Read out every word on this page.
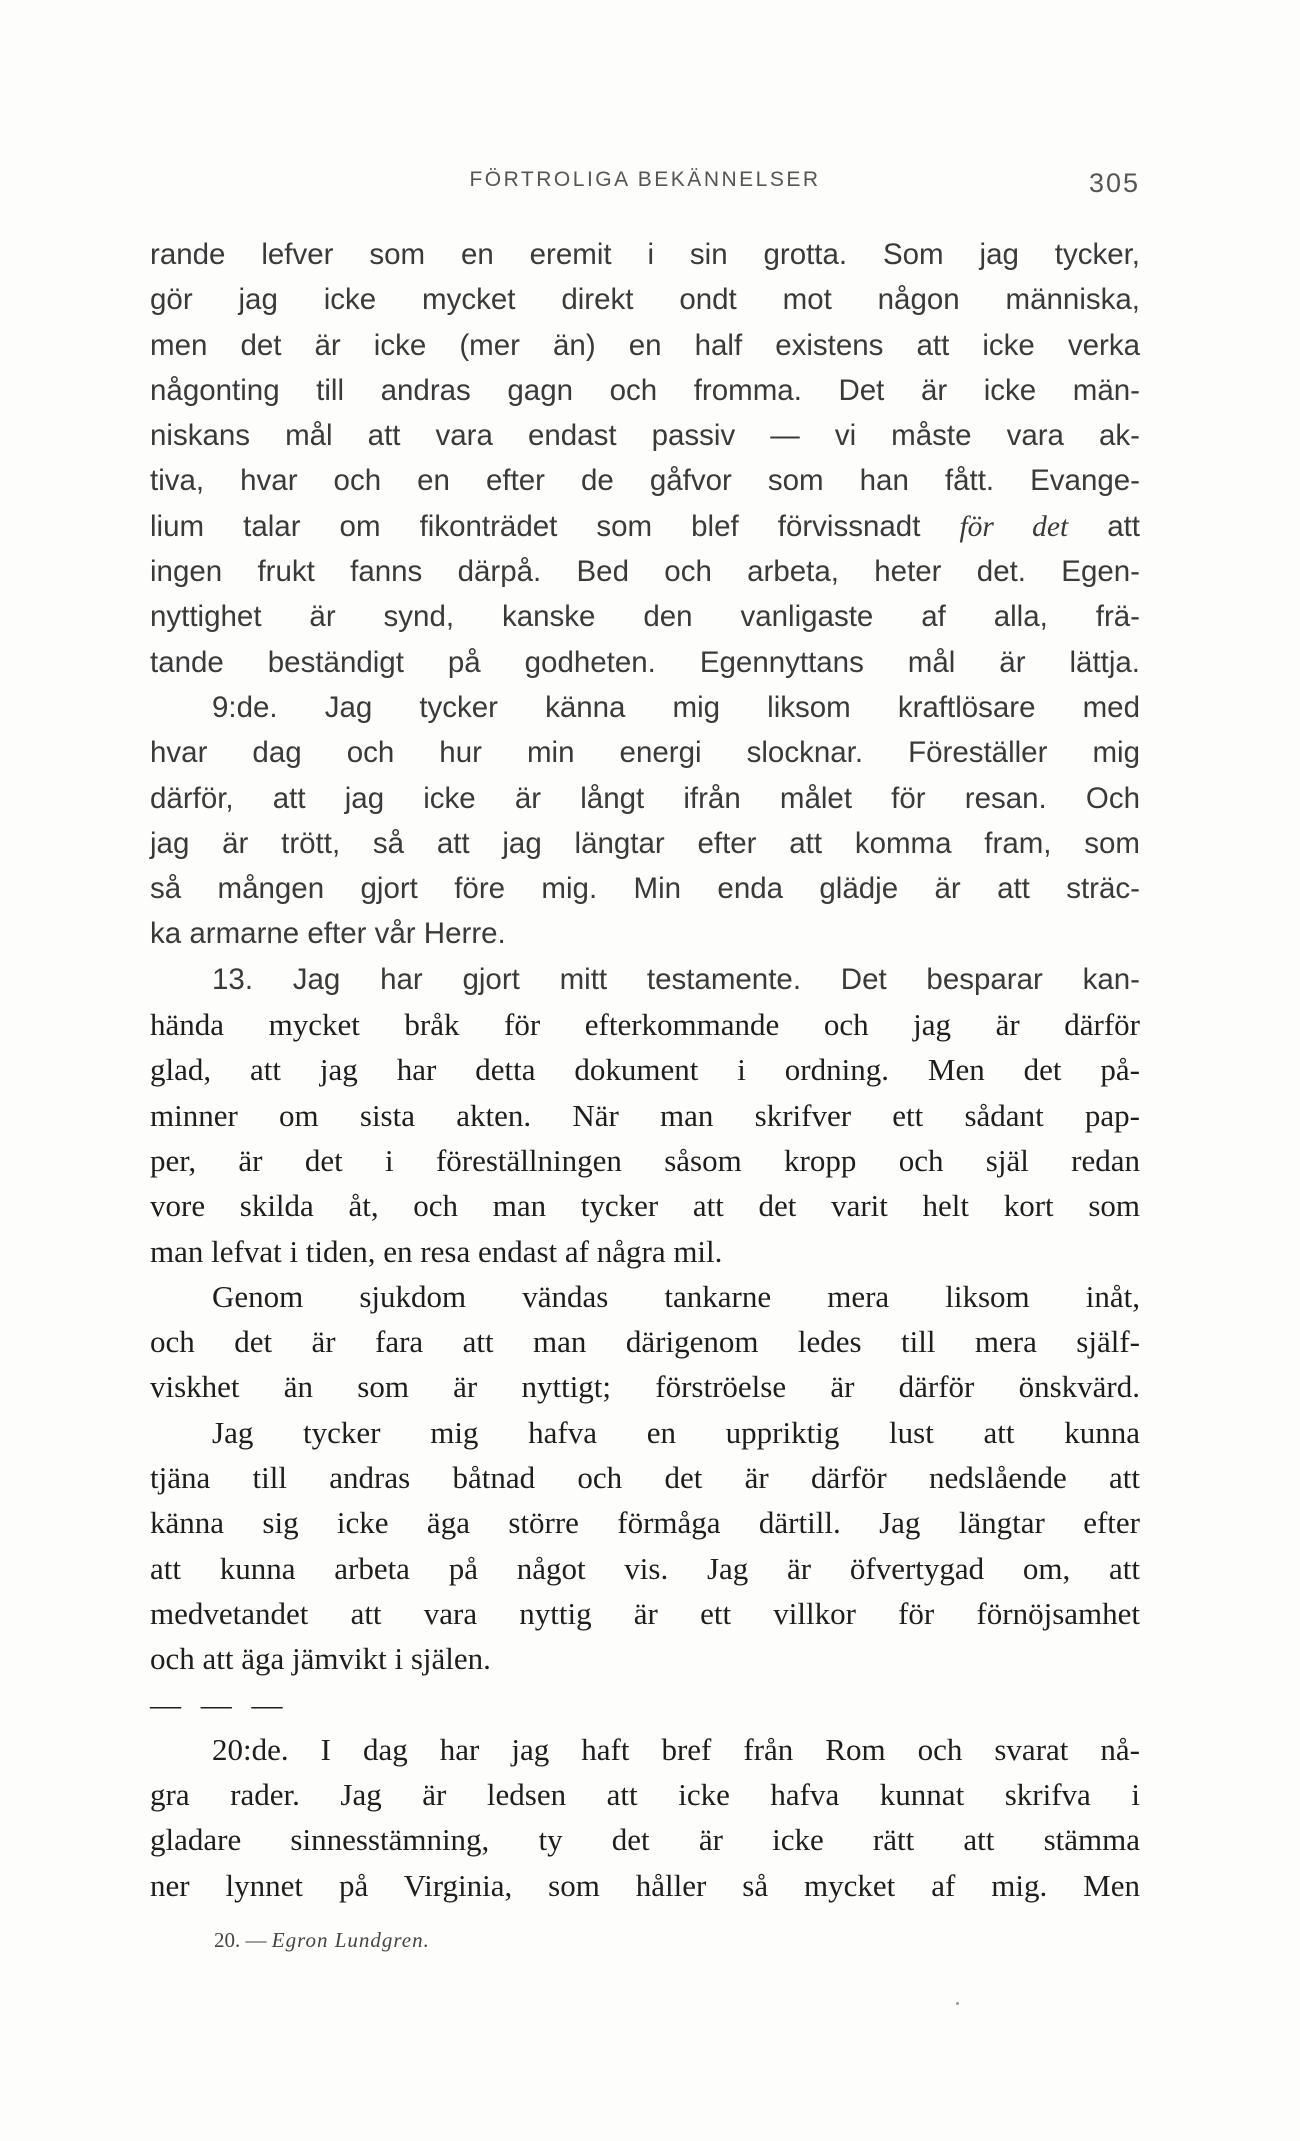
FÖRTROLIGA BEKÄNNELSER	305
rande lefver som en eremit i sin grotta. Som jag tycker,
gör jag icke mycket direkt ondt mot någon människa,
men det är icke (mer än) en half existens att icke verka
någonting till andras gagn och fromma. Det är icke män-
niskans mål att vara endast passiv — vi måste vara ak-
tiva, hvar och en efter de gåfvor som han fått. Evange-
lium talar om fikonträdet som blef förvissnadt för det att
ingen frukt fanns därpå. Bed och arbeta, heter det. Egen-
nyttighet är synd, kanske den vanligaste af alla, frä-
tande beständigt på godheten. Egennyttans mål är lättja.
9:de. Jag tycker känna mig liksom kraftlösare med
hvar dag och hur min energi slocknar. Föreställer mig
därför, att jag icke är långt ifrån målet för resan. Och
jag är trött, så att jag längtar efter att komma fram, som
så mången gjort före mig. Min enda glädje är att sträc-
ka armarne efter vår Herre.
13. Jag har gjort mitt testamente. Det besparar kan-
hända mycket bråk för efterkommande och jag är därför
glad, att jag har detta dokument i ordning. Men det på-
minner om sista akten. När man skrifver ett sådant pap-
per, är det i föreställningen såsom kropp och själ redan
vore skilda åt, och man tycker att det varit helt kort som
man lefvat i tiden, en resa endast af några mil.
Genom sjukdom vändas tankarne mera liksom inåt,
och det är fara att man därigenom ledes till mera själf-
viskhet än som är nyttigt; förströelse är därför önskvärd.
Jag tycker mig hafva en uppriktig lust att kunna
tjäna till andras båtnad och det är därför nedslående att
känna sig icke äga större förmåga därtill. Jag längtar efter
att kunna arbeta på något vis. Jag är öfvertygad om, att
medvetandet att vara nyttig är ett villkor för förnöjsamhet
och att äga jämvikt i själen.
— — —
20:de. I dag har jag haft bref från Rom och svarat nå-
gra rader. Jag är ledsen att icke hafva kunnat skrifva i
gladare sinnesstämning, ty det är icke rätt att stämma
ner lynnet på Virginia, som håller så mycket af mig. Men
20. — Egron Lundgren.
